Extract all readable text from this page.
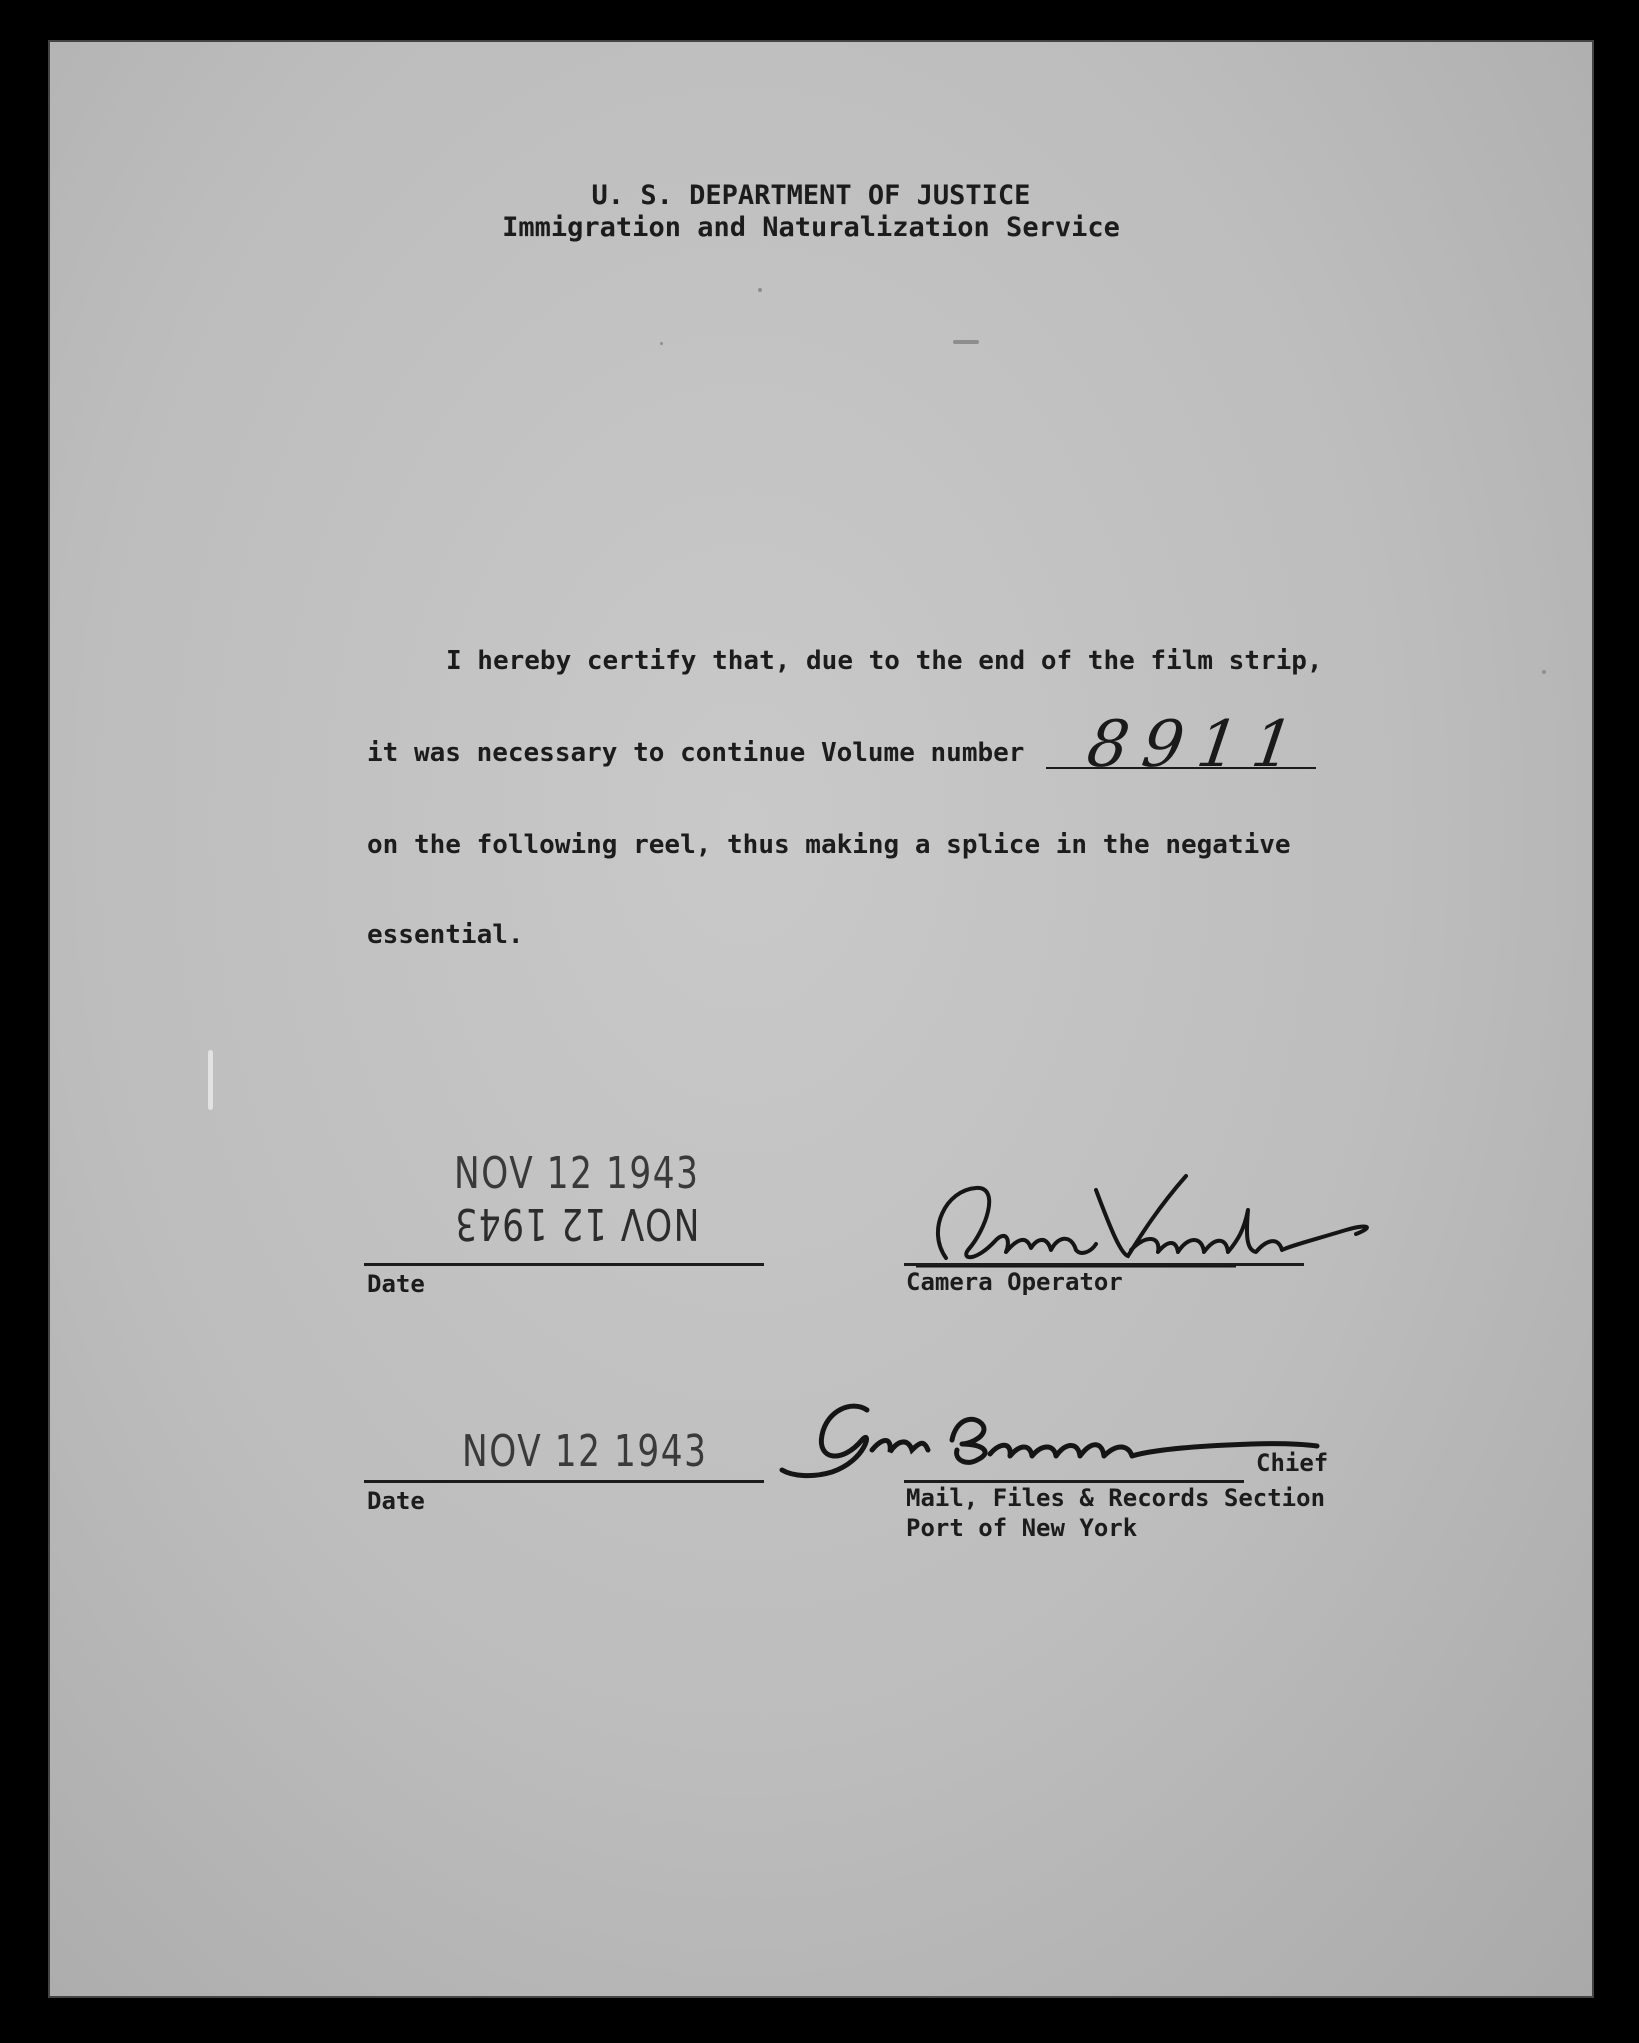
U. S. DEPARTMENT OF JUSTICE
Immigration and Naturalization Service
I hereby certify that, due to the end of the film strip,
it was necessary to continue Volume number 8911
on the following reel, thus making a splice in the negative
essential.
NOV 12 1943
NOV 12 1943
Date	Camera Operator
NOV 12 1943
Date
Chief
Mail, Files & Records Section
Port of New York
